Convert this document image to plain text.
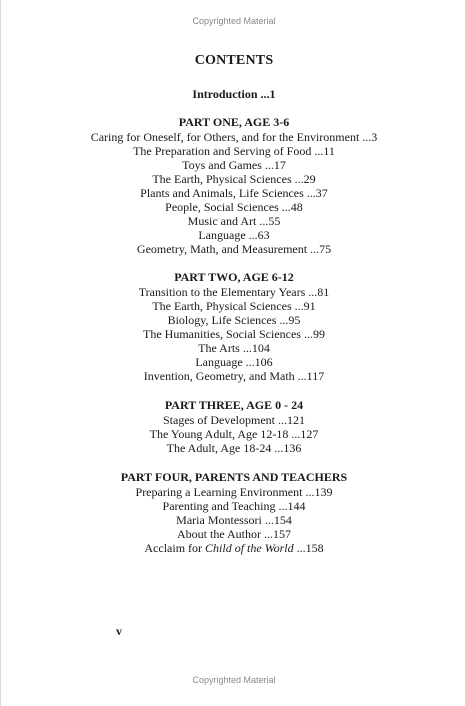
Copyrighted Material
CONTENTS
Introduction ...1
PART ONE, AGE 3-6
Caring for Oneself, for Others, and for the Environment ...3
The Preparation and Serving of Food ...11
Toys and Games ...17
The Earth, Physical Sciences ...29
Plants and Animals, Life Sciences ...37
People, Social Sciences ...48
Music and Art ...55
Language ...63
Geometry, Math, and Measurement ...75
PART TWO, AGE 6-12
Transition to the Elementary Years ...81
The Earth, Physical Sciences ...91
Biology, Life Sciences ...95
The Humanities, Social Sciences ...99
The Arts ...104
Language ...106
Invention, Geometry, and Math ...117
PART THREE, AGE 0 - 24
Stages of Development ...121
The Young Adult, Age 12-18 ...127
The Adult, Age 18-24 ...136
PART FOUR, PARENTS AND TEACHERS
Preparing a Learning Environment ...139
Parenting and Teaching ...144
Maria Montessori ...154
About the Author ...157
Acclaim for Child of the World ...158
v
Copyrighted Material
